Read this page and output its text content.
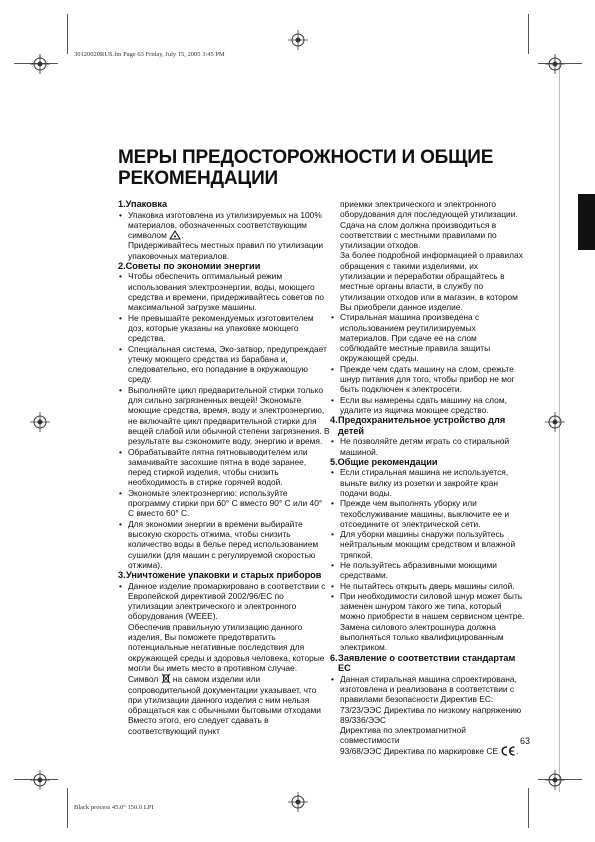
30120020RUS.fm Page 63 Friday, July 15, 2005 3:45 PM
Black process 45.0° 150.0 LPI
МЕРЫ ПРЕДОСТОРОЖНОСТИ И ОБЩИЕ РЕКОМЕНДАЦИИ
1.Упаковка
• Упаковка изготовлена из утилизируемых на 100% материалов, обозначенных соответствующим символом .
Придерживайтесь местных правил по утилизации упаковочных материалов.
2.Советы по экономии энергии
• Чтобы обеспечить оптимальный режим использования электроэнергии, воды, моющего средства и времени, придерживайтесь советов по максимальной загрузке машины.
• Не превышайте рекомендуемых изготовителем доз, которые указаны на упаковке моющего средства.
• Специальная система, Эко-затвор, предупреждает утечку моющего средства из барабана и, следовательно, его попадание в окружающую среду.
• Выполняйте цикл предварительной стирки только для сильно загрязненных вещей! Экономьте моющие средства, время, воду и электроэнергию, не включайте цикл предварительной стирки для вещей слабой или обычной степени загрязнения. В результате вы сэкономите воду, энергию и время.
• Обрабатывайте пятна пятновыводителем или замачивайте засохшие пятна в воде заранее, перед стиркой изделия, чтобы снизить необходимость в стирке горячей водой.
• Экономьте электроэнергию: используйте программу стирки при 60° C вместо 90° C или 40° C вместо 60° C.
• Для экономии энергии в времени выбирайте высокую скорость отжима, чтобы снизить количество воды в белье перед использованием сушилки (для машин с регулируемой скоростью отжима).
3. Уничтожение упаковки и старых приборов
• Данное изделие промаркировано в соответствии с Европейской директивой 2002/96/ЕС по утилизации электрического и электронного оборудования (WEEE).
Обеспечив правильную утилизацию данного изделия, Вы поможете предотвратить потенциальные негативные последствия для окружающей среды и здоровья человека, которые могли бы иметь место в противном случае.
Символ на самом изделии или сопроводительной документации указывает, что при утилизации данного изделия с ним нельзя обращаться как с обычными бытовыми отходами Вместо этого, его следует сдавать в соответствующий пункт
приемки электрического и электронного оборудования для последующей утилизации. Сдача на слом должна производиться в соответствии с местными правилами по утилизации отходов.
За более подробной информацией о правилах обращения с такими изделиями, их утилизации и переработки обращайтесь в местные органы власти, в службу по утилизации отходов или в магазин, в котором Вы приобрели данное изделие.
• Стиральная машина произведена с использованием реутилизируемых материалов. При сдаче ее на слом соблюдайте местные правила защиты окружающей среды.
• Прежде чем сдать машину на слом, срежьте шнур питания для того, чтобы прибор не мог быть подключен к электросети.
• Если вы намерены сдать машину на слом, удалите из ящичка моющее средство.
4. Предохранительное устройство для детей
• Не позволяйте детям играть со стиральной машиной.
5.Общие рекомендации
• Если стиральная машина не используется, выньте вилку из розетки и закройте кран подачи воды.
• Прежде чем выполнять уборку или техобслуживание машины, выключите ее и отсоедините от электрической сети.
• Для уборки машины снаружи пользуйтесь нейтральным моющим средством и влажной тряпкой.
• Не пользуйтесь абразивными моющими средствами.
• Не пытайтесь открыть дверь машины силой.
• При необходимости силовой шнур может быть заменен шнуром такого же типа, который можно приобрести в нашем сервисном центре. Замена силового электрошнура должна выполняться только квалифицированным электриком.
6. Заявление о соответствии стандартам ЕС
• Данная стиральная машина спроектирована, изготовлена и реализована в соответствии с правилами безопасности Директив ЕС:
73/23/ЭЭС Директива по низкому напряжению 89/336/ЭЭС
Директива по электромагнитной совместимости
93/68/ЭЭС Директива по маркировке СЕ .
63
